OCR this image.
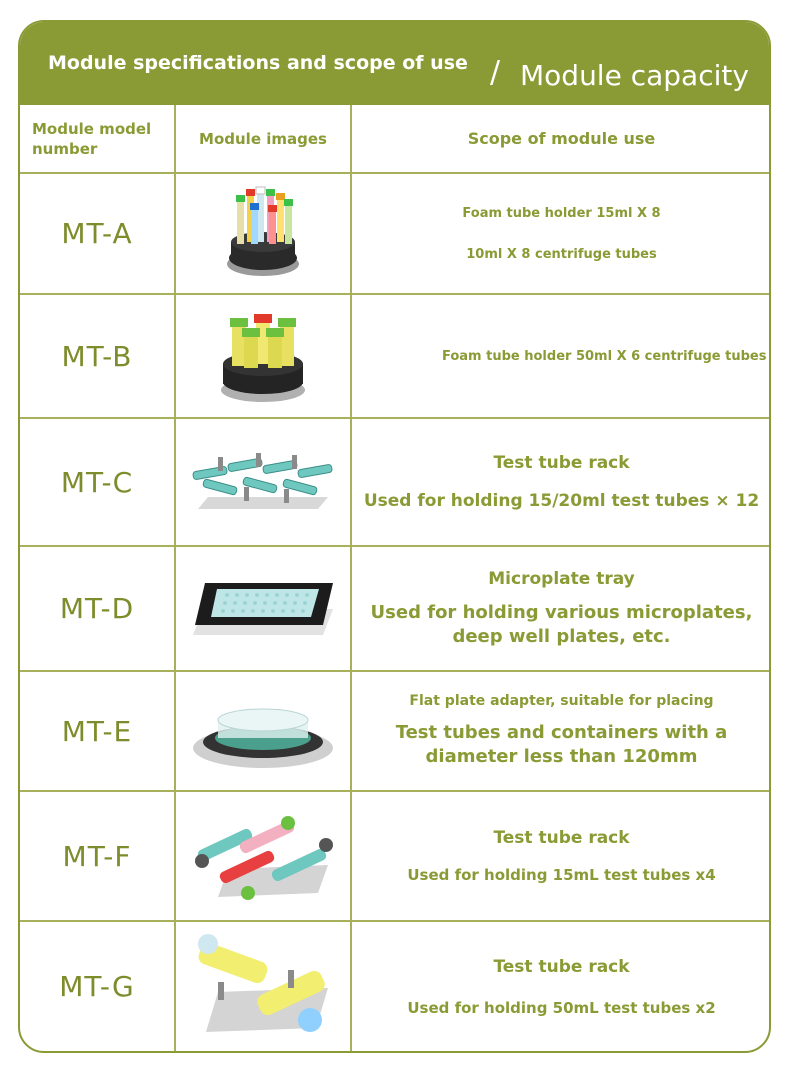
Module specifications and scope of use / Module capacity
Module model number	Module images	Scope of module use
MT-A		Foam tube holder 15ml X 8
10ml X 8 centrifuge tubes

MT-B		Foam tube holder 50ml X 6 centrifuge tubes

MT-C		Test tube rack
Used for holding 15/20ml test tubes × 12

MT-D		Microplate tray
Used for holding various microplates,
deep well plates, etc.

MT-E		Flat plate adapter, suitable for placing
Test tubes and containers with a
diameter less than 120mm

MT-F		Test tube rack
Used for holding 15mL test tubes x4

MT-G		Test tube rack
Used for holding 50mL test tubes x2
